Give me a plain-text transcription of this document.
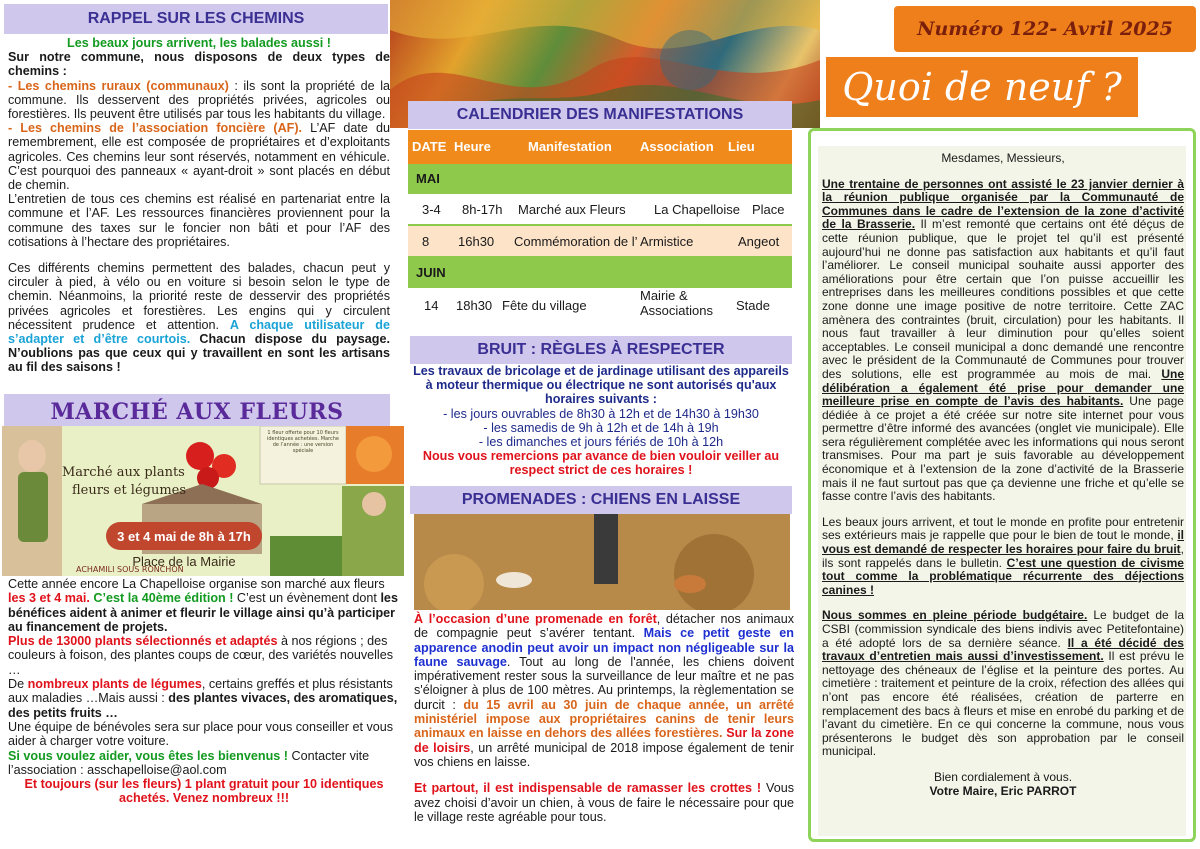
RAPPEL SUR LES CHEMINS

Les beaux jours arrivent, les balades aussi !

Sur notre commune, nous disposons de deux types de chemins :

- Les chemins ruraux (communaux) : ils sont la propriété de la commune. Ils desservent des propriétés privées, agricoles ou forestières. Ils peuvent être utilisés par tous les habitants du village.

- Les chemins de l’association foncière (AF). L’AF date du remembrement, elle est composée de propriétaires et d’exploitants agricoles. Ces chemins leur sont réservés, notamment en véhicule. C’est pourquoi des panneaux « ayant-droit » sont placés en début de chemin.

L’entretien de tous ces chemins est réalisé en partenariat entre la commune et l’AF. Les ressources financières proviennent pour la commune des taxes sur le foncier non bâti et pour l’AF des cotisations à l’hectare des propriétaires.

Ces différents chemins permettent des balades, chacun peut y circuler à pied, à vélo ou en voiture si besoin selon le type de chemin. Néanmoins, la priorité reste de desservir des propriétés privées agricoles et forestières. Les engins qui y circulent nécessitent prudence et attention. A chaque utilisateur de s’adapter et d’être courtois. Chacun dispose du paysage. N’oublions pas que ceux qui y travaillent en sont les artisans au fil des saisons !

MARCHÉ AUX FLEURS
Marché aux plants
fleurs et légumes
3 et 4 mai de 8h à 17h
Place de la Mairie
ACHAMILI SOUS RONCHON
1 fleur offerte pour 10 fleurs identiques achetées. Marche de l’année : une version spéciale

Cette année encore La Chapelloise organise son marché aux fleurs les 3 et 4 mai. C’est la 40ème édition ! C’est un évènement dont les bénéfices aident à animer et fleurir le village ainsi qu’à participer au financement de projets.

Plus de 13000 plants sélectionnés et adaptés à nos régions ; des couleurs à foison, des plantes coups de cœur, des variétés nouvelles …

De nombreux plants de légumes, certains greffés et plus résistants aux maladies …Mais aussi : des plantes vivaces, des aromatiques, des petits fruits …

Une équipe de bénévoles sera sur place pour vous conseiller et vous aider à charger votre voiture.

Si vous voulez aider, vous êtes les bienvenus ! Contacter vite l’association : asschapelloise@aol.com

Et toujours (sur les fleurs) 1 plant gratuit pour 10 identiques achetés. Venez nombreux !!!

CALENDRIER DES MANIFESTATIONS
DATE Heure	Manifestation Association Lieu
MAI
3-4 8h-17h Marché aux Fleurs La Chapelloise Place
8 16h30 Commémoration de l’ Armistice	Angeot
JUIN
14 18h30 Fête du village
Mairie &
Associations Stade
BRUIT : RÈGLES À RESPECTER

Les travaux de bricolage et de jardinage utilisant des appareils à moteur thermique ou électrique ne sont autorisés qu'aux horaires suivants :

- les jours ouvrables de 8h30 à 12h et de 14h30 à 19h30

- les samedis de 9h à 12h et de 14h à 19h

- les dimanches et jours fériés de 10h à 12h

Nous vous remercions par avance de bien vouloir veiller au respect strict de ces horaires !

PROMENADES : CHIENS EN LAISSE

À l’occasion d’une promenade en forêt, détacher nos animaux de compagnie peut s’avérer tentant. Mais ce petit geste en apparence anodin peut avoir un impact non négligeable sur la faune sauvage. Tout au long de l'année, les chiens doivent impérativement rester sous la surveillance de leur maître et ne pas s'éloigner à plus de 100 mètres. Au printemps, la règlementation se durcit : du 15 avril au 30 juin de chaque année, un arrêté ministériel impose aux propriétaires canins de tenir leurs animaux en laisse en dehors des allées forestières. Sur la zone de loisirs, un arrêté municipal de 2018 impose également de tenir vos chiens en laisse.

Et partout, il est indispensable de ramasser les crottes ! Vous avez choisi d’avoir un chien, à vous de faire le nécessaire pour que le village reste agréable pour tous.

Numéro 122- Avril 2025
Quoi de neuf ?

Mesdames, Messieurs,

Une trentaine de personnes ont assisté le 23 janvier dernier à la réunion publique organisée par la Communauté de Communes dans le cadre de l’extension de la zone d’activité de la Brasserie. Il m’est remonté que certains ont été déçus de cette réunion publique, que le projet tel qu’il est présenté aujourd’hui ne donne pas satisfaction aux habitants et qu’il faut l’améliorer. Le conseil municipal souhaite aussi apporter des améliorations pour être certain que l’on puisse accueillir les entreprises dans les meilleures conditions possibles et que cette zone donne une image positive de notre territoire. Cette ZAC amènera des contraintes (bruit, circulation) pour les habitants. Il nous faut travailler à leur diminution pour qu’elles soient acceptables. Le conseil municipal a donc demandé une rencontre avec le président de la Communauté de Communes pour trouver des solutions, elle est programmée au mois de mai. Une délibération a également été prise pour demander une meilleure prise en compte de l’avis des habitants. Une page dédiée à ce projet a été créée sur notre site internet pour vous permettre d’être informé des avancées (onglet vie municipale). Elle sera régulièrement complétée avec les informations qui nous seront transmises. Pour ma part je suis favorable au développement économique et à l’extension de la zone d’activité de la Brasserie mais il ne faut surtout pas que ça devienne une friche et qu’elle se fasse contre l’avis des habitants.

Les beaux jours arrivent, et tout le monde en profite pour entretenir ses extérieurs mais je rappelle que pour le bien de tout le monde, il vous est demandé de respecter les horaires pour faire du bruit, ils sont rappelés dans le bulletin. C’est une question de civisme tout comme la problématique récurrente des déjections canines !

Nous sommes en pleine période budgétaire. Le budget de la CSBI (commission syndicale des biens indivis avec Petitefontaine) a été adopté lors de sa dernière séance. Il a été décidé des travaux d’entretien mais aussi d’investissement. Il est prévu le nettoyage des chéneaux de l’église et la peinture des portes. Au cimetière : traitement et peinture de la croix, réfection des allées qui n’ont pas encore été réalisées, création de parterre en remplacement des bacs à fleurs et mise en enrobé du parking et de l’avant du cimetière. En ce qui concerne la commune, nous vous présenterons le budget dès son approbation par le conseil municipal.

Bien cordialement à vous.

Votre Maire, Eric PARROT
